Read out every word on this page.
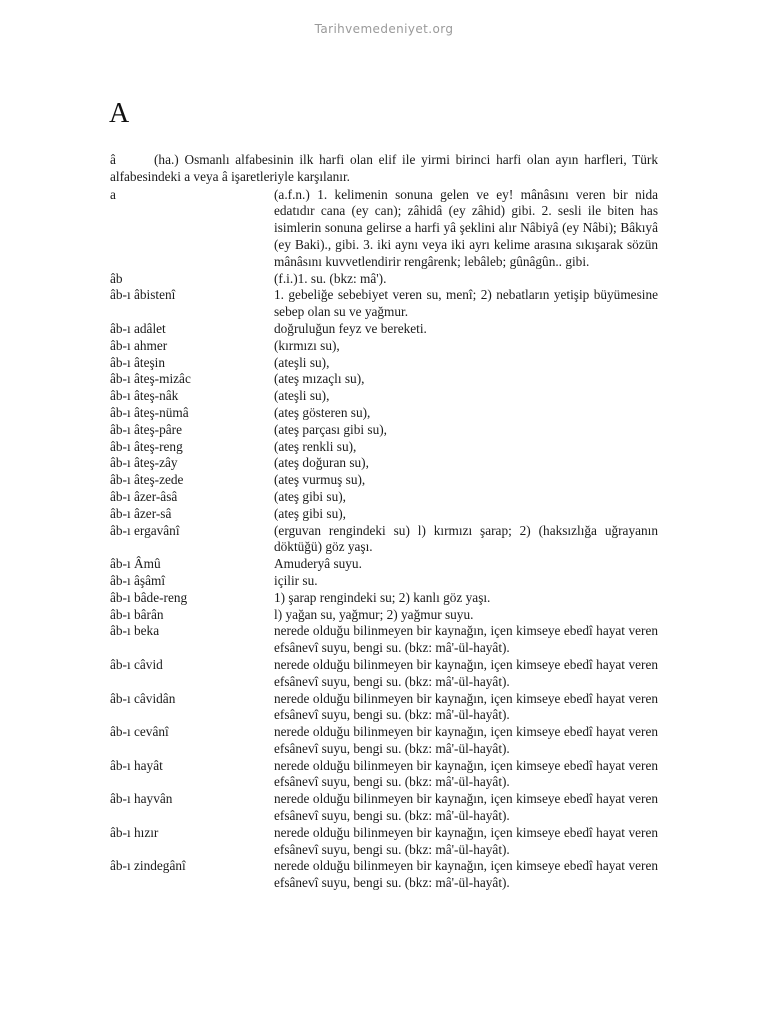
Tarihvemedeniyet.org
A

â	(ha.) Osmanlı alfabesinin ilk harfi olan elif ile yirmi birinci harfi olan ayın harfleri, Türk alfabesindeki a veya â işaretleriyle karşılanır.

a	(a.f.n.) 1. kelimenin sonuna gelen ve ey! mânâsını veren bir nida edatıdır cana (ey can); zâhidâ (ey zâhid) gibi. 2. sesli ile biten has isimlerin sonuna gelirse a harfi yâ şeklini alır Nâbiyâ (ey Nâbi); Bâkıyâ (ey Baki)., gibi. 3. iki aynı veya iki ayrı kelime arasına sıkışarak sözün mânâsını kuvvetlendirir rengârenk; lebâleb; gûnâgûn.. gibi.
âb	(f.i.)1. su. (bkz: mâ').
âb-ı âbistenî	1. gebeliğe sebebiyet veren su, menî; 2) nebatların yetişip büyümesine sebep olan su ve yağmur.
âb-ı adâlet	doğruluğun feyz ve bereketi.
âb-ı ahmer	(kırmızı su),
âb-ı âteşin	(ateşli su),
âb-ı âteş-mizâc	(ateş mızaçlı su),
âb-ı âteş-nâk	(ateşli su),
âb-ı âteş-nümâ	(ateş gösteren su),
âb-ı âteş-pâre	(ateş parçası gibi su),
âb-ı âteş-reng	(ateş renkli su),
âb-ı âteş-zây	(ateş doğuran su),
âb-ı âteş-zede	(ateş vurmuş su),
âb-ı âzer-âsâ	(ateş gibi su),
âb-ı âzer-sâ	(ateş gibi su),
âb-ı ergavânî	(erguvan rengindeki su) l) kırmızı şarap; 2) (haksızlığa uğrayanın döktüğü) göz yaşı.
âb-ı Âmû	Amuderyâ suyu.
âb-ı âşâmî	içilir su.
âb-ı bâde-reng	1) şarap rengindeki su; 2) kanlı göz yaşı.
âb-ı bârân	l) yağan su, yağmur; 2) yağmur suyu.
âb-ı beka	nerede olduğu bilinmeyen bir kaynağın, içen kimseye ebedî hayat veren efsânevî suyu, bengi su. (bkz: mâ'-ül-hayât).
âb-ı câvid	nerede olduğu bilinmeyen bir kaynağın, içen kimseye ebedî hayat veren efsânevî suyu, bengi su. (bkz: mâ'-ül-hayât).
âb-ı câvidân	nerede olduğu bilinmeyen bir kaynağın, içen kimseye ebedî hayat veren efsânevî suyu, bengi su. (bkz: mâ'-ül-hayât).
âb-ı cevânî	nerede olduğu bilinmeyen bir kaynağın, içen kimseye ebedî hayat veren efsânevî suyu, bengi su. (bkz: mâ'-ül-hayât).
âb-ı hayât	nerede olduğu bilinmeyen bir kaynağın, içen kimseye ebedî hayat veren efsânevî suyu, bengi su. (bkz: mâ'-ül-hayât).
âb-ı hayvân	nerede olduğu bilinmeyen bir kaynağın, içen kimseye ebedî hayat veren efsânevî suyu, bengi su. (bkz: mâ'-ül-hayât).
âb-ı hızır	nerede olduğu bilinmeyen bir kaynağın, içen kimseye ebedî hayat veren efsânevî suyu, bengi su. (bkz: mâ'-ül-hayât).
âb-ı zindegânî	nerede olduğu bilinmeyen bir kaynağın, içen kimseye ebedî hayat veren efsânevî suyu, bengi su. (bkz: mâ'-ül-hayât).
